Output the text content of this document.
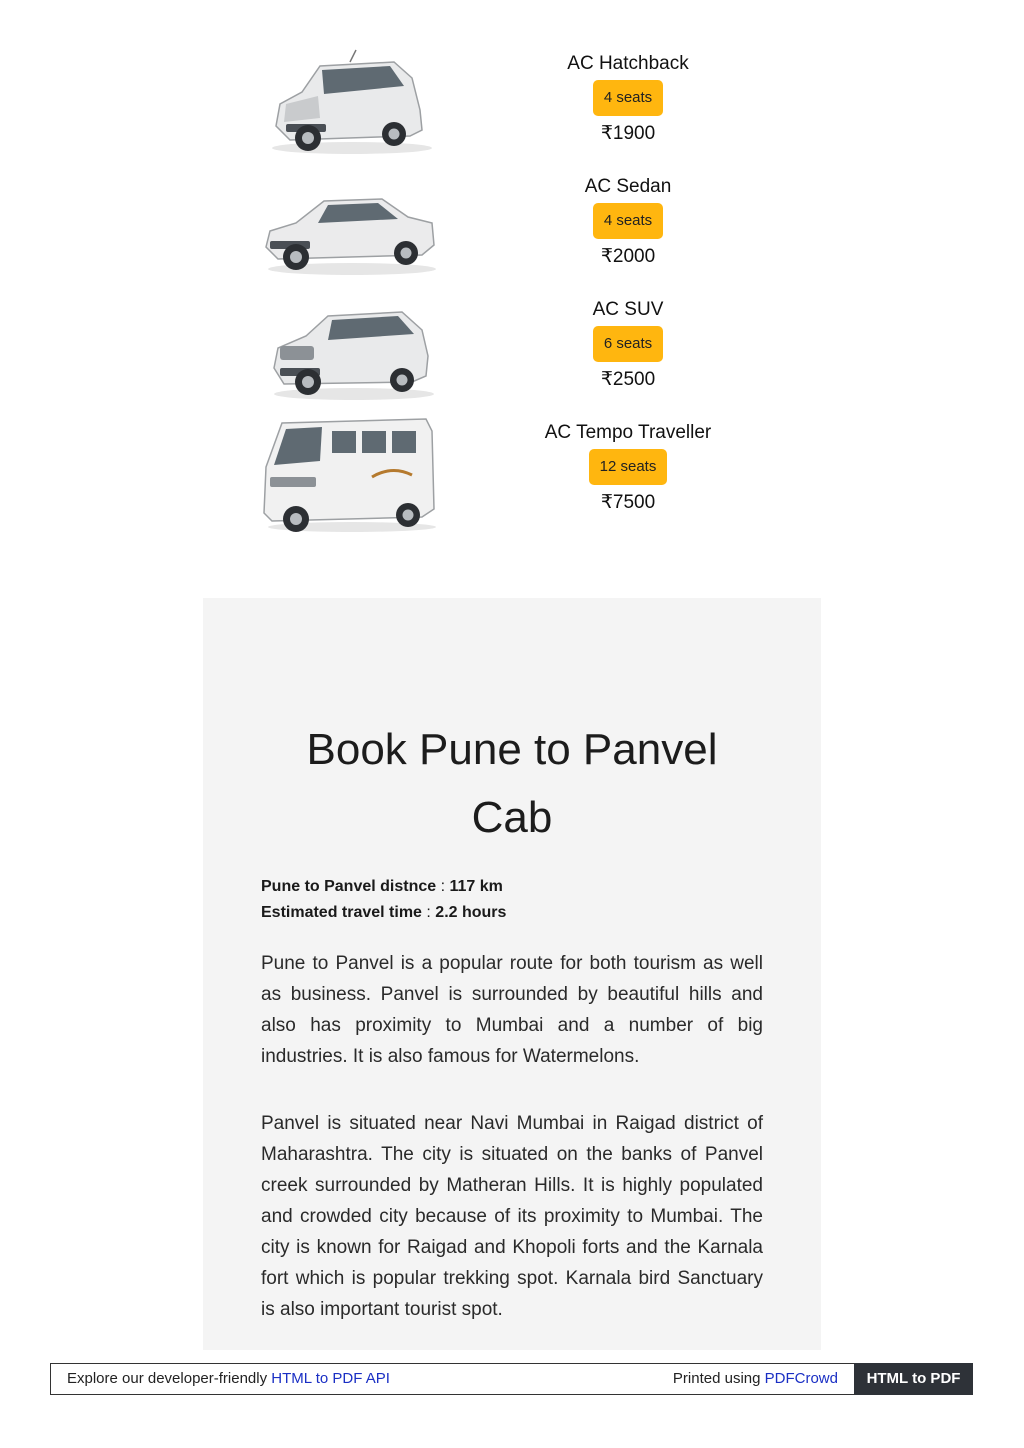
AC Hatchback
4 seats
₹1900
AC Sedan
4 seats
₹2000
AC SUV
6 seats
₹2500
AC Tempo Traveller
12 seats
₹7500
Book Pune to Panvel
Cab
Pune to Panvel distnce : 117 km
Estimated travel time : 2.2 hours
Pune to Panvel is a popular route for both tourism as well as business. Panvel is surrounded by beautiful hills and also has proximity to Mumbai and a number of big industries. It is also famous for Watermelons.
Panvel is situated near Navi Mumbai in Raigad district of Maharashtra. The city is situated on the banks of Panvel creek surrounded by Matheran Hills. It is highly populated and crowded city because of its proximity to Mumbai. The city is known for Raigad and Khopoli forts and the Karnala fort which is popular trekking spot. Karnala bird Sanctuary is also important tourist spot.
Explore our developer-friendly HTML to PDF API	Printed using PDFCrowd	HTML to PDF
